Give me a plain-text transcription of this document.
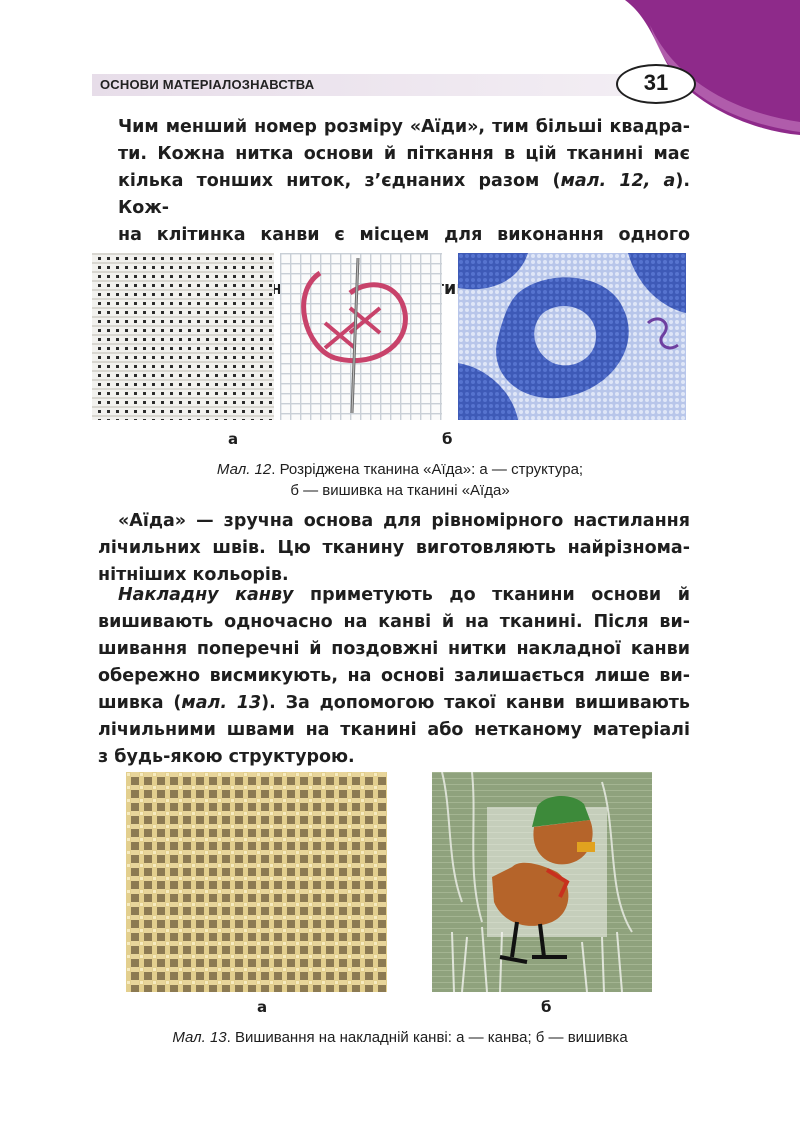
ОСНОВИ МАТЕРІАЛОЗНАВСТВА	31
Чим менший номер розміру «Аїди», тим більші квадра-
ти. Кожна нитка основи й піткання в цій тканині має
кілька тонших ниток, з’єднаних разом (мал. 12, а). Кож-
на клітинка канви є місцем для виконання одного
а	б
Мал. 12. Розріджена тканина «Аїда»: а — структура;
б — вишивка на тканині «Аїда»
«Аїда» — зручна основа для рівномірного настилання
лічильних швів. Цю тканину виготовляють найрізнома-
нітніших кольорів.
Накладну канву приметують до тканини основи й
вишивають одночасно на канві й на тканині. Після ви-
шивання поперечні й поздовжні нитки накладної канви
обережно висмикують, на основі залишається лише ви-
шивка (мал. 13). За допомогою такої канви вишивають
лічильними швами на тканині або нетканому матеріалі
з будь-якою структурою.
а	б
Мал. 13. Вишивання на накладній канві: а — канва; б — вишивка
